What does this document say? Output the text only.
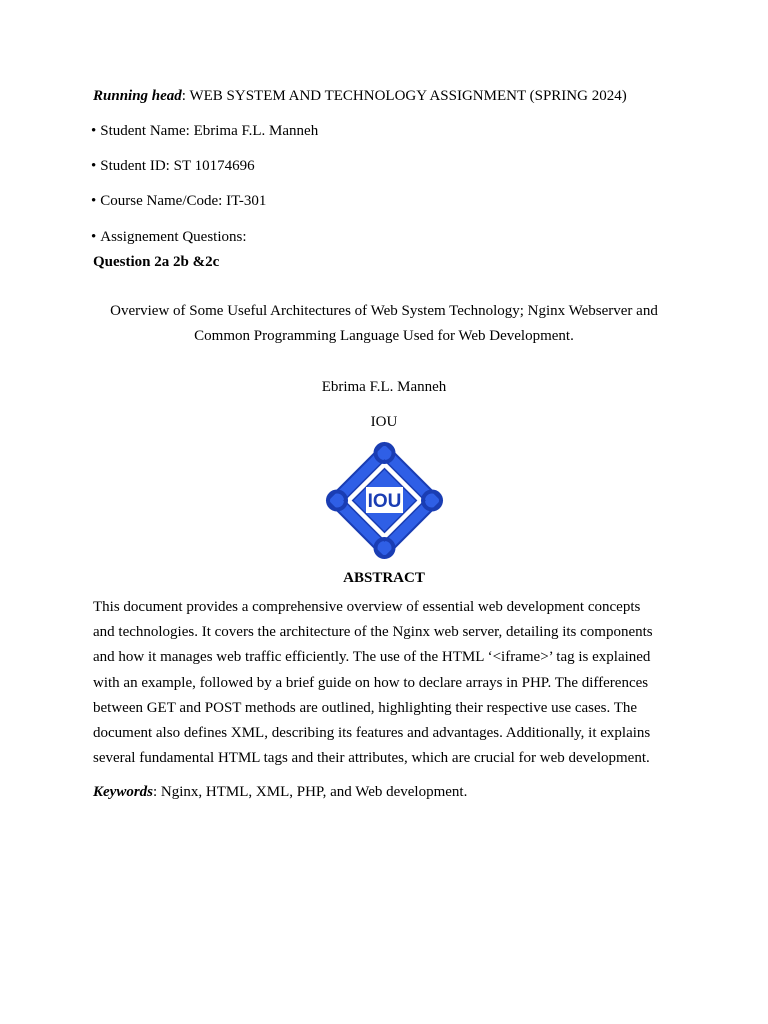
Running head: WEB SYSTEM AND TECHNOLOGY ASSIGNMENT (SPRING 2024)
• Student Name: Ebrima F.L. Manneh
• Student ID: ST 10174696
• Course Name/Code: IT-301
• Assignement Questions:
Question 2a 2b &2c
Overview of Some Useful Architectures of Web System Technology; Nginx Webserver and
Common Programming Language Used for Web Development.
Ebrima F.L. Manneh
IOU
IOU
ABSTRACT
This document provides a comprehensive overview of essential web development concepts
and technologies. It covers the architecture of the Nginx web server, detailing its components
and how it manages web traffic efficiently. The use of the HTML ‘<iframe>’ tag is explained
with an example, followed by a brief guide on how to declare arrays in PHP. The differences
between GET and POST methods are outlined, highlighting their respective use cases. The
document also defines XML, describing its features and advantages. Additionally, it explains
several fundamental HTML tags and their attributes, which are crucial for web development.
Keywords: Nginx, HTML, XML, PHP, and Web development.
